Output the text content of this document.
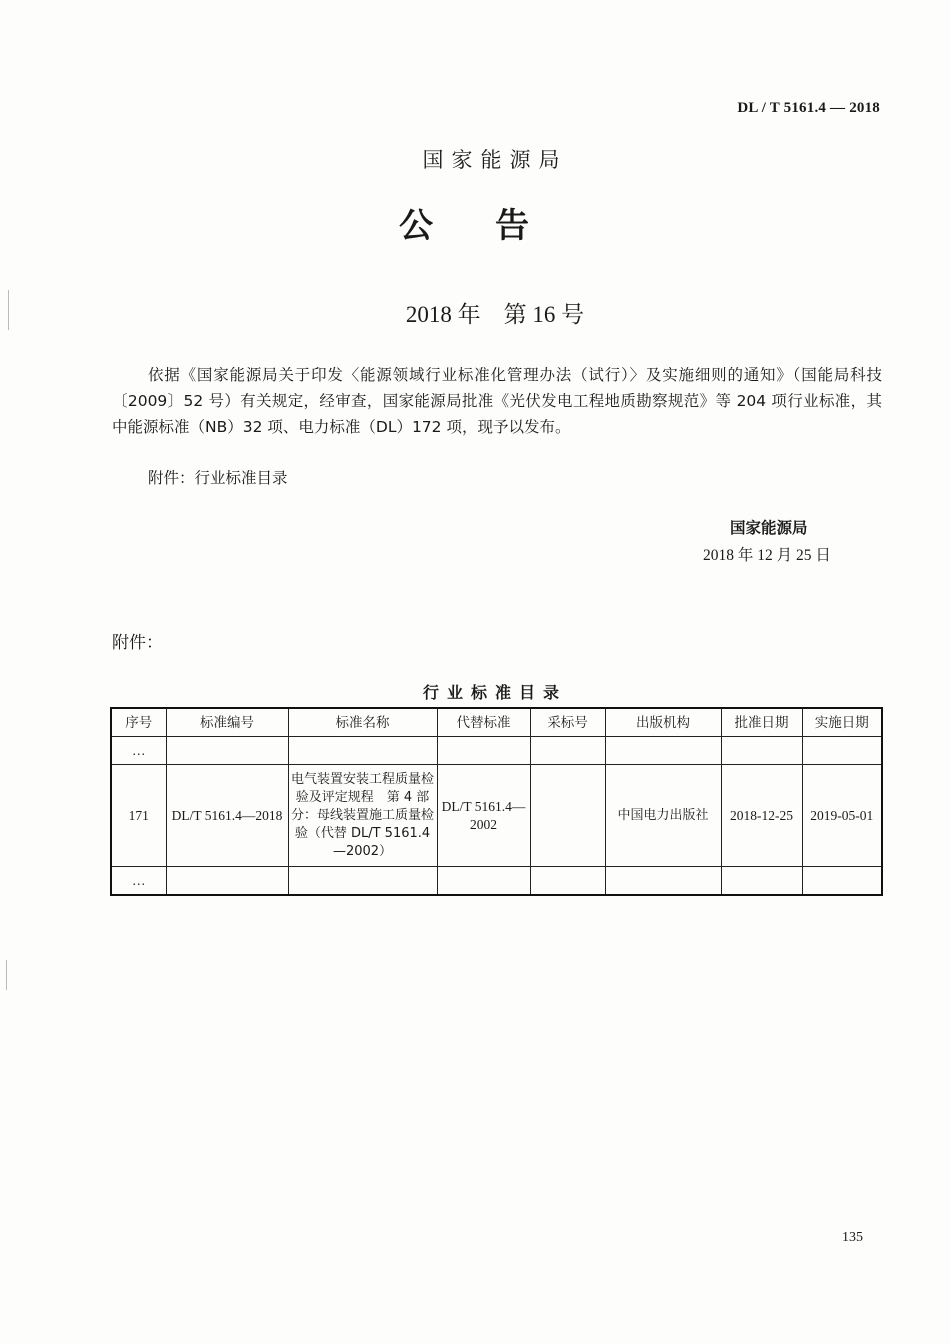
DL / T 5161.4 — 2018
国家能源局
公告
2018 年　第 16 号
依据《国家能源局关于印发〈能源领域行业标准化管理办法（试行）〉及实施细则的通知》（国能局科技〔2009〕52 号）有关规定，经审查，国家能源局批准《光伏发电工程地质勘察规范》等 204 项行业标准，其中能源标准（NB）32 项、电力标准（DL）172 项，现予以发布。
附件：行业标准目录
国家能源局
2018 年 12 月 25 日
附件：
行业标准目录
序号	标准编号	标准名称	代替标准	采标号	出版机构	批准日期	实施日期
…							
171	DL/T 5161.4—2018	电气装置安装工程质量检验及评定规程　第 4 部分：母线装置施工质量检验（代替 DL/T 5161.4—2002）	DL/T 5161.4—2002		中国电力出版社	2018-12-25	2019-05-01
…							
135
